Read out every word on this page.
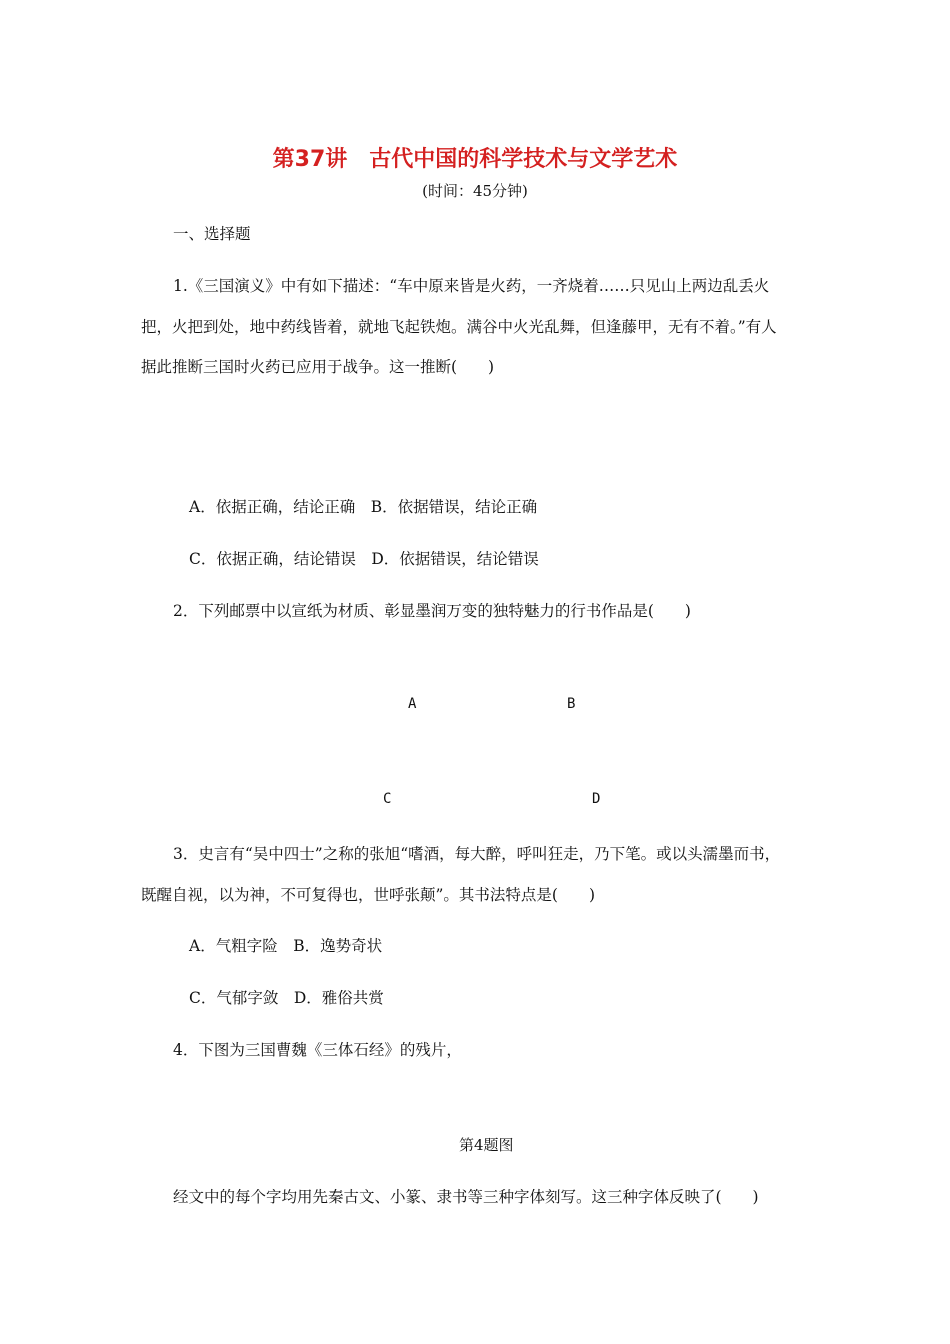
第37讲 古代中国的科学技术与文学艺术
(时间：45分钟)
一、选择题
1.《三国演义》中有如下描述：“车中原来皆是火药，一齐烧着……只见山上两边乱丢火
把，火把到处，地中药线皆着，就地飞起铁炮。满谷中火光乱舞，但逢藤甲，无有不着。”有人
据此推断三国时火药已应用于战争。这一推断(　　)
A．依据正确，结论正确　B．依据错误，结论正确
C．依据正确，结论错误　D．依据错误，结论错误
2．下列邮票中以宣纸为材质、彰显墨润万变的独特魅力的行书作品是(　　)
A	B
C	D
3．史言有“吴中四士”之称的张旭“嗜酒，每大醉，呼叫狂走，乃下笔。或以头濡墨而书，
既醒自视，以为神，不可复得也，世呼张颠”。其书法特点是(　　)
A．气粗字险　B．逸势奇状
C．气郁字敛　D．雅俗共赏
4．下图为三国曹魏《三体石经》的残片，
第4题图
经文中的每个字均用先秦古文、小篆、隶书等三种字体刻写。这三种字体反映了(　　)
